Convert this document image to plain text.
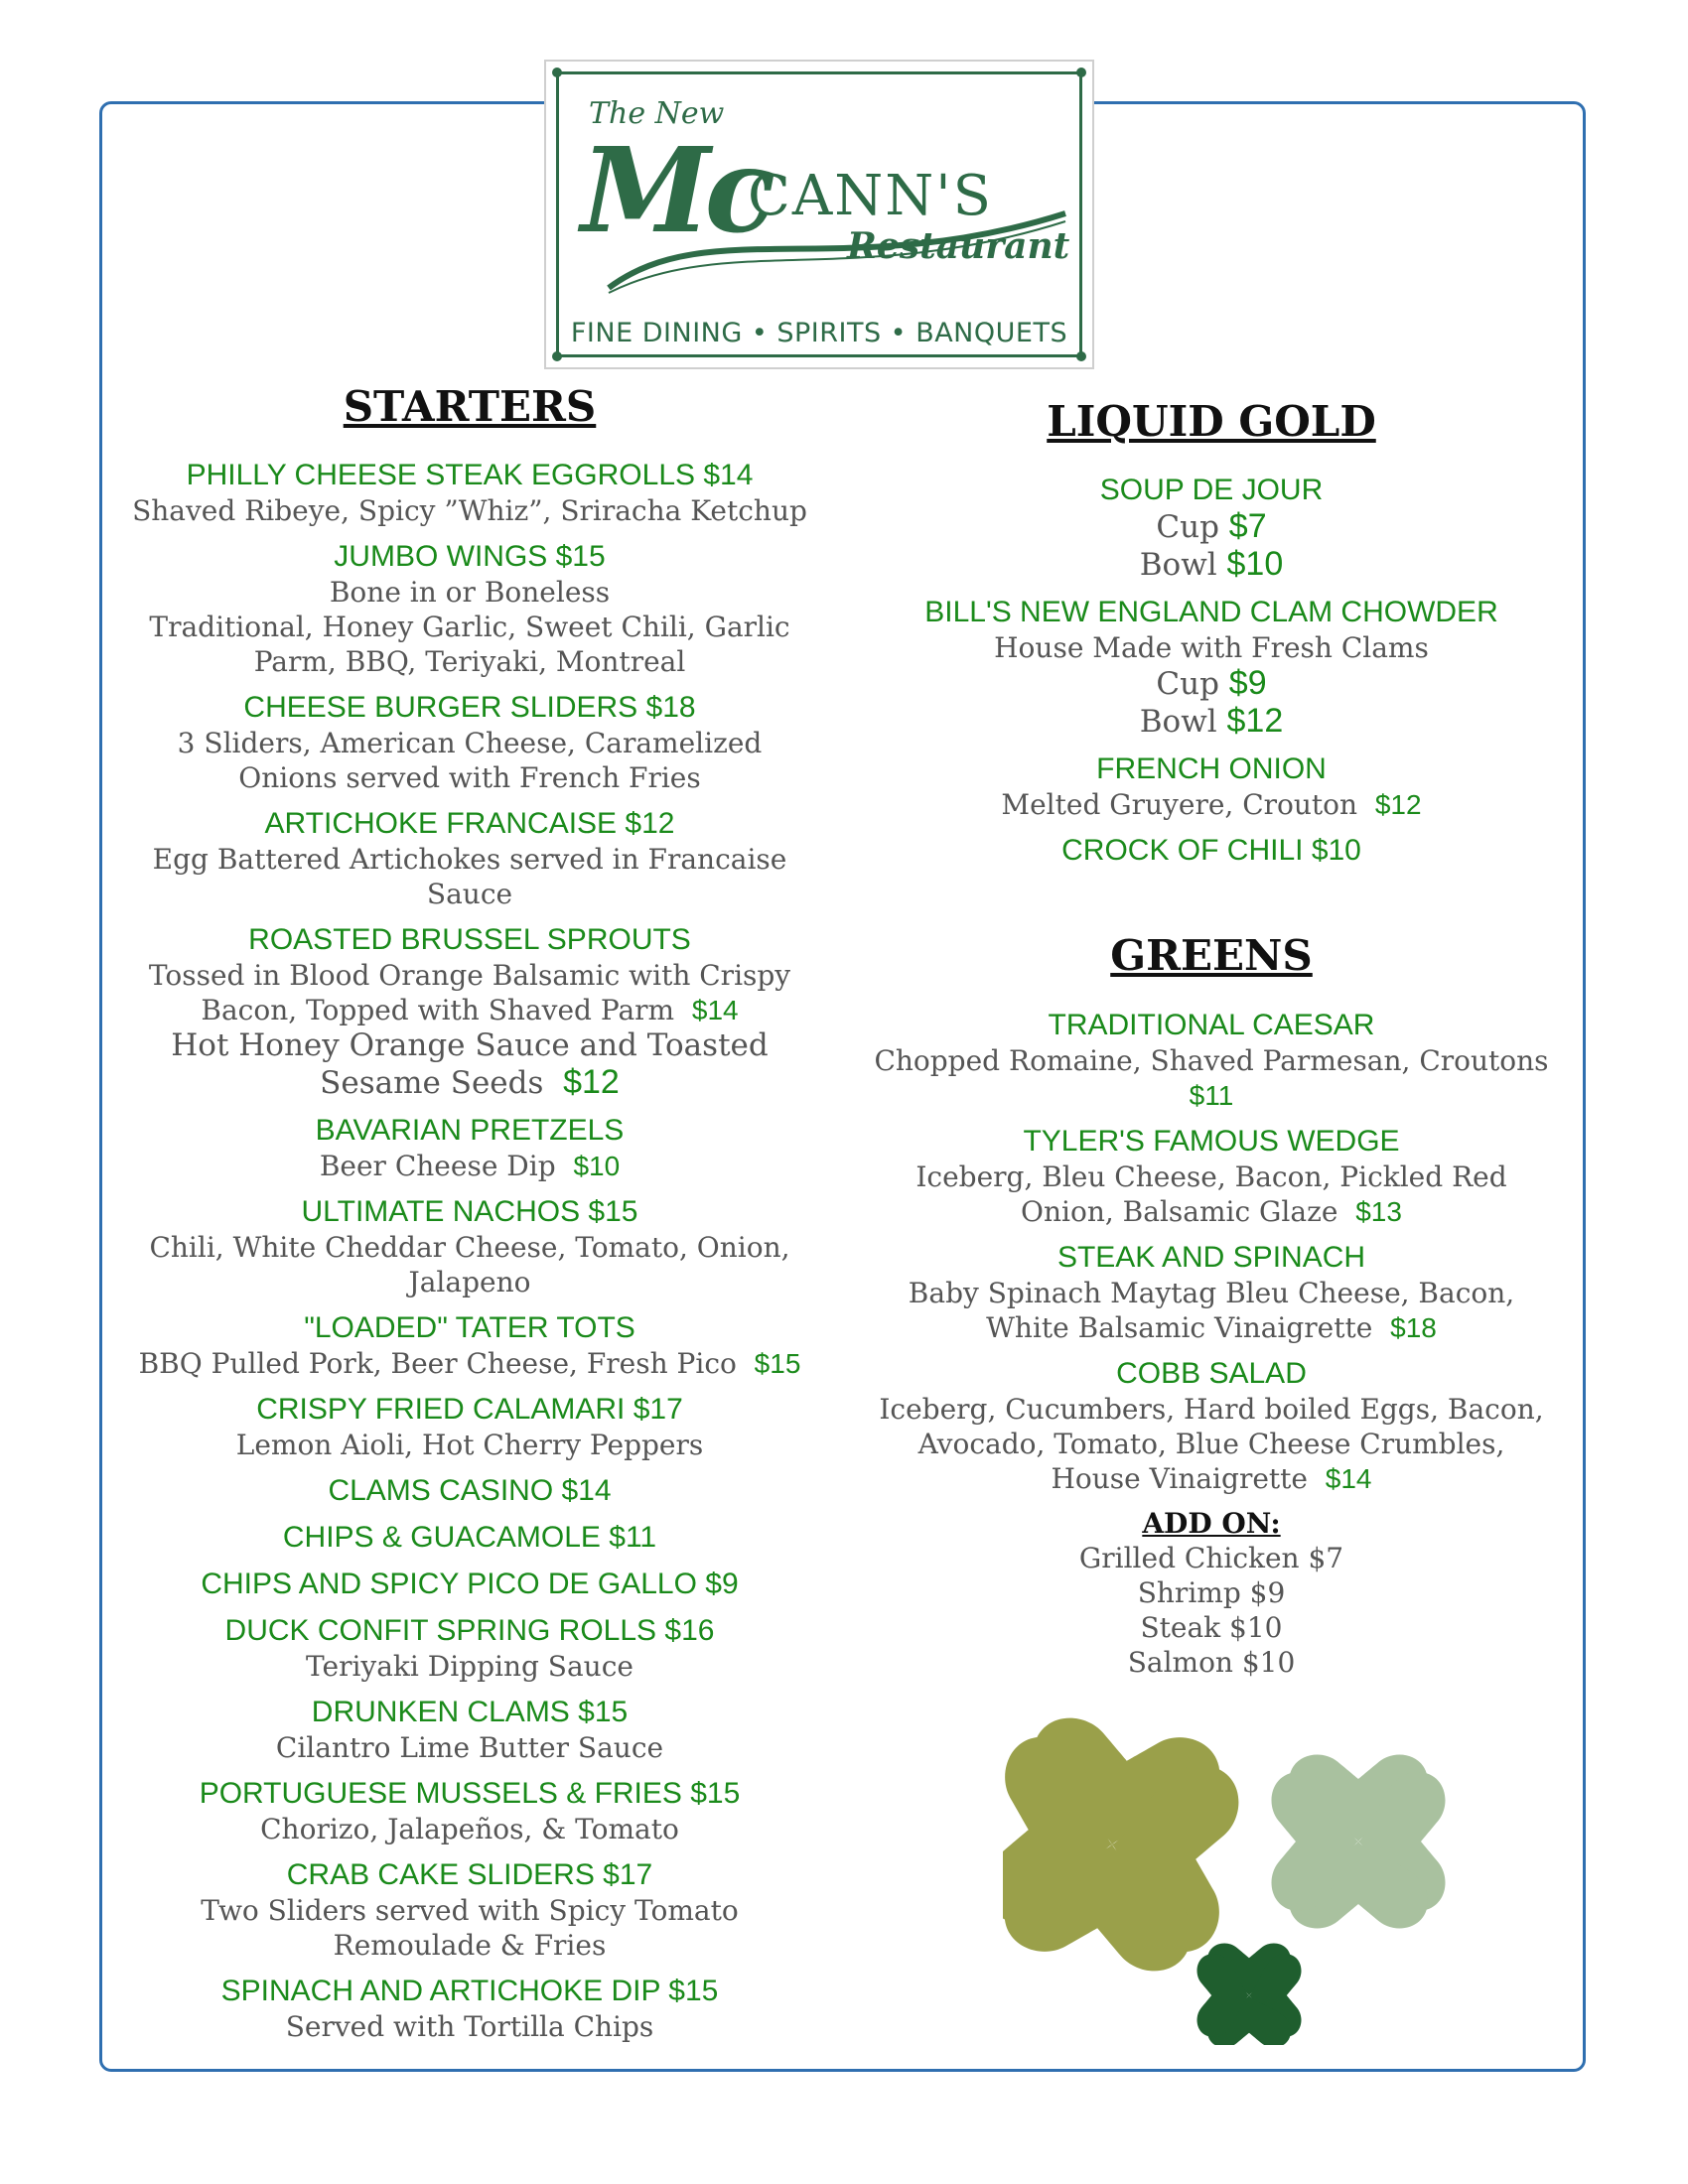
The New
Mc
CANN'S
Restaurant
FINE DINING • SPIRITS • BANQUETS
STARTERS
PHILLY CHEESE STEAK EGGROLLS $14
Shaved Ribeye, Spicy ”Whiz”, Sriracha Ketchup
JUMBO WINGS $15
Bone in or Boneless
Traditional, Honey Garlic, Sweet Chili, Garlic
Parm, BBQ, Teriyaki, Montreal
CHEESE BURGER SLIDERS $18
3 Sliders, American Cheese, Caramelized
Onions served with French Fries
ARTICHOKE FRANCAISE $12
Egg Battered Artichokes served in Francaise
Sauce
ROASTED BRUSSEL SPROUTS
Tossed in Blood Orange Balsamic with Crispy
Bacon, Topped with Shaved Parm $14
Hot Honey Orange Sauce and Toasted
Sesame Seeds $12
BAVARIAN PRETZELS
Beer Cheese Dip $10
ULTIMATE NACHOS $15
Chili, White Cheddar Cheese, Tomato, Onion,
Jalapeno
"LOADED" TATER TOTS
BBQ Pulled Pork, Beer Cheese, Fresh Pico $15
CRISPY FRIED CALAMARI $17
Lemon Aioli, Hot Cherry Peppers
CLAMS CASINO $14
CHIPS & GUACAMOLE $11
CHIPS AND SPICY PICO DE GALLO $9
DUCK CONFIT SPRING ROLLS $16
Teriyaki Dipping Sauce
DRUNKEN CLAMS $15
Cilantro Lime Butter Sauce
PORTUGUESE MUSSELS & FRIES $15
Chorizo, Jalapeños, & Tomato
CRAB CAKE SLIDERS $17
Two Sliders served with Spicy Tomato
Remoulade & Fries
SPINACH AND ARTICHOKE DIP $15
Served with Tortilla Chips
LIQUID GOLD
SOUP DE JOUR
Cup $7
Bowl $10
BILL'S NEW ENGLAND CLAM CHOWDER
House Made with Fresh Clams
Cup $9
Bowl $12
FRENCH ONION
Melted Gruyere, Crouton $12
CROCK OF CHILI $10
GREENS
TRADITIONAL CAESAR
Chopped Romaine, Shaved Parmesan, Croutons
$11
TYLER'S FAMOUS WEDGE
Iceberg, Bleu Cheese, Bacon, Pickled Red
Onion, Balsamic Glaze $13
STEAK AND SPINACH
Baby Spinach Maytag Bleu Cheese, Bacon,
White Balsamic Vinaigrette $18
COBB SALAD
Iceberg, Cucumbers, Hard boiled Eggs, Bacon,
Avocado, Tomato, Blue Cheese Crumbles,
House Vinaigrette $14
ADD ON:
Grilled Chicken $7
Shrimp $9
Steak $10
Salmon $10
